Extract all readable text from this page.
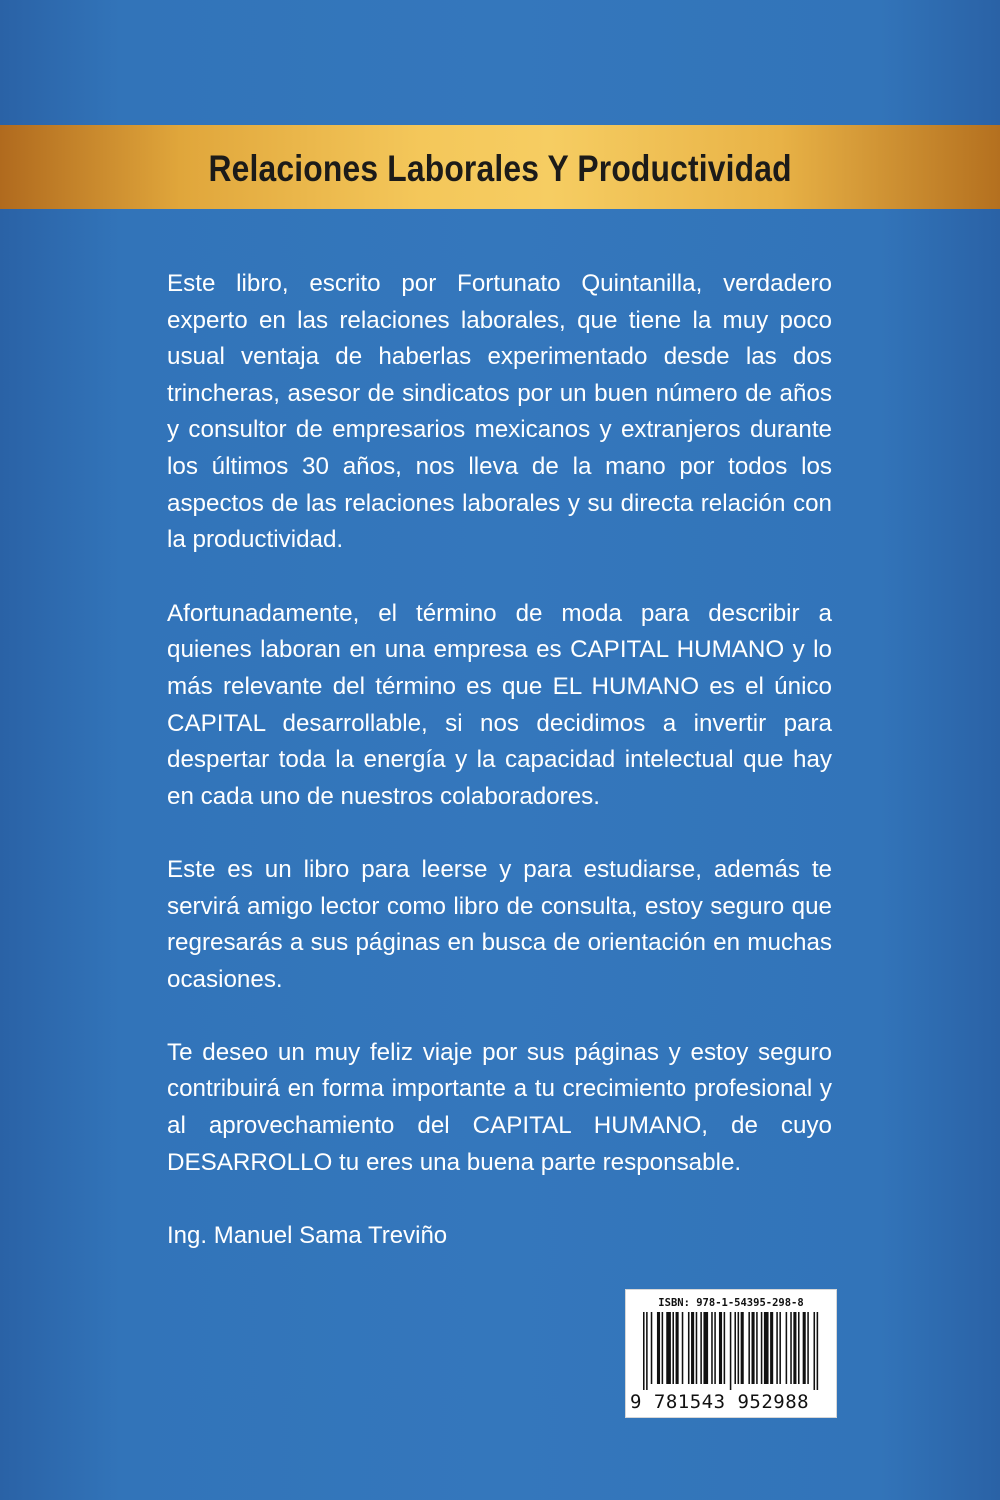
Relaciones Laborales Y Productividad

Este libro, escrito por Fortunato Quintanilla, verdadero experto en las relaciones laborales, que tiene la muy poco usual ventaja de haberlas experimentado desde las dos trincheras, asesor de sindicatos por un buen número de años y consultor de empresarios mexicanos y extranjeros durante los últimos 30 años, nos lleva de la mano por todos los aspectos de las relaciones laborales y su directa relación con la productividad.

Afortunadamente, el término de moda para describir a quienes laboran en una empresa es CAPITAL HUMANO y lo más relevante del término es que EL HUMANO es el único CAPITAL desarrollable, si nos decidimos a invertir para despertar toda la energía y la capacidad intelectual que hay en cada uno de nuestros colaboradores.

Este es un libro para leerse y para estudiarse, además te servirá amigo lector como libro de consulta, estoy seguro que regresarás a sus páginas en busca de orientación en muchas ocasiones.

Te deseo un muy feliz viaje por sus páginas y estoy seguro contribuirá en forma importante a tu crecimiento profesional y al aprovechamiento del CAPITAL HUMANO, de cuyo DESARROLLO tu eres una buena parte responsable.

Ing. Manuel Sama Treviño
ISBN: 978-1-54395-298-8
9 781543 952988
